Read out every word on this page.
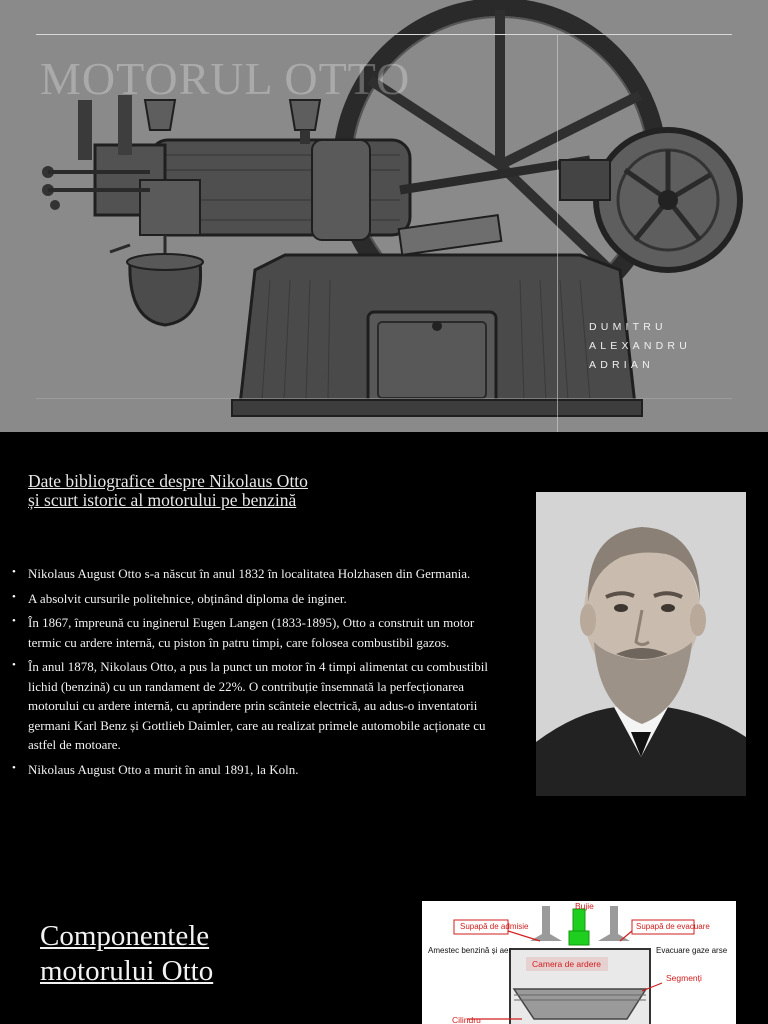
MOTORUL OTTO
DUMITRU
ALEXANDRU
ADRIAN
Date bibliografice despre Nikolaus Otto
și scurt istoric al motorului pe benzină
• Nikolaus August Otto s-a născut în anul 1832 în localitatea Holzhasen din Germania.
• A absolvit cursurile politehnice, obținând diploma de inginer.
• În 1867, împreună cu inginerul Eugen Langen (1833-1895), Otto a construit un motor termic cu ardere internă, cu piston în patru timpi, care folosea combustibil gazos.
• În anul 1878, Nikolaus Otto, a pus la punct un motor în 4 timpi alimentat cu combustibil lichid (benzină) cu un randament de 22%. O contribuție însemnată la perfecționarea motorului cu ardere internă, cu aprindere prin scânteie electrică, au adus-o inventatorii germani Karl Benz și Gottlieb Daimler, care au realizat primele automobile acționate cu astfel de motoare.
• Nikolaus August Otto a murit în anul 1891, la Koln.
Componentele
motorului Otto
Bujie
Supapă de admisie	Supapă de evacuare
Amestec benzină și aer	Evacuare gaze arse
Camera de ardere
Segmenți
Cilindru
